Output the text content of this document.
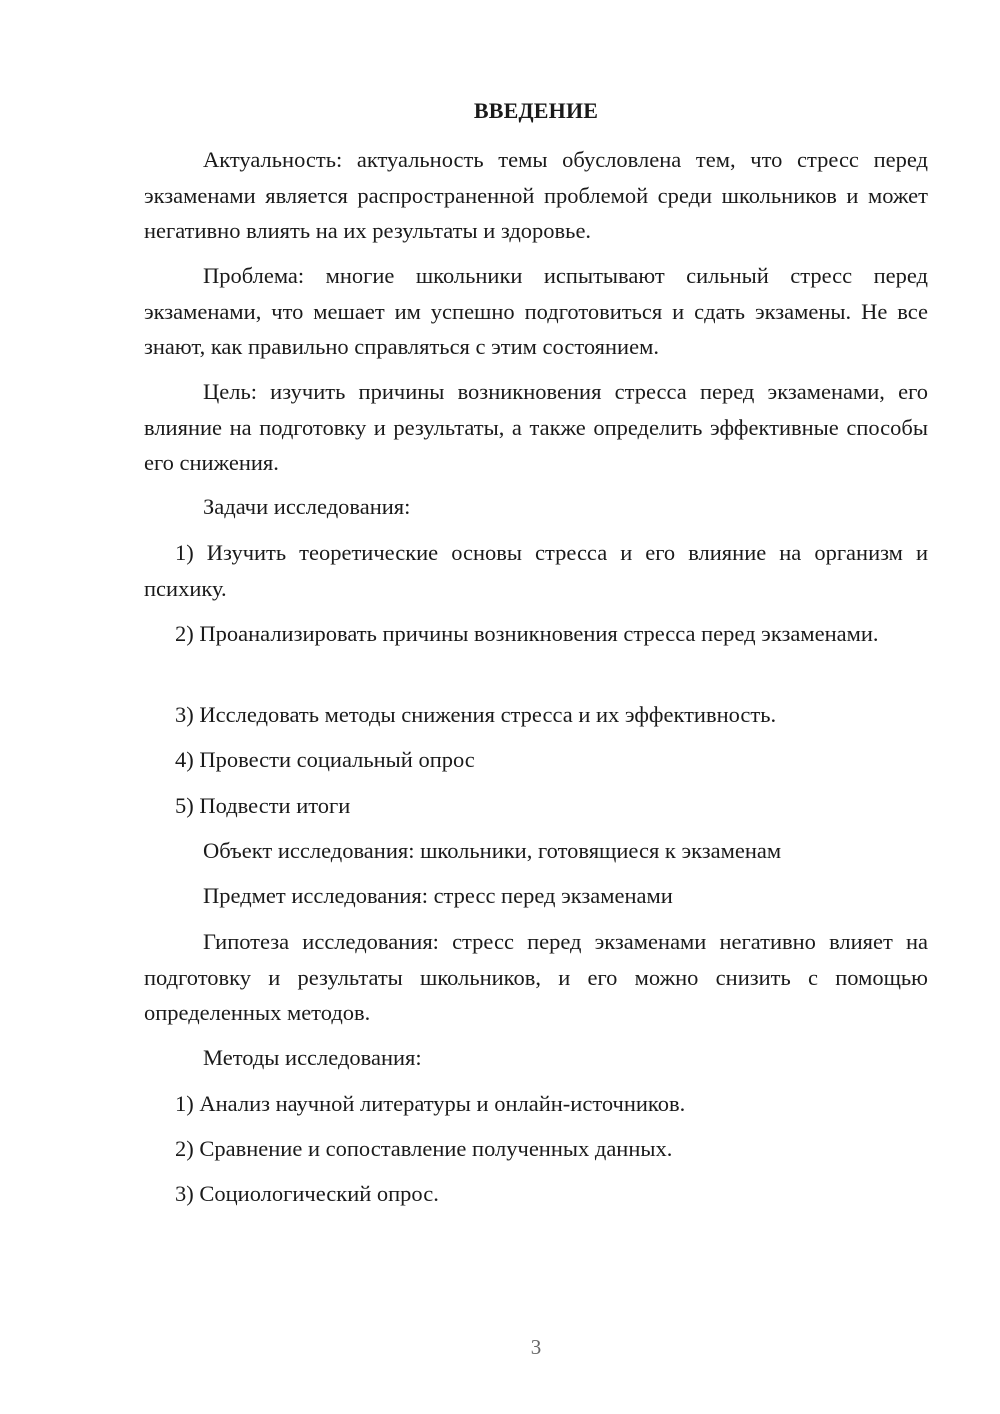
ВВЕДЕНИЕ

Актуальность: актуальность темы обусловлена тем, что стресс перед экзаменами является распространенной проблемой среди школьников и может негативно влиять на их результаты и здоровье.

Проблема: многие школьники испытывают сильный стресс перед экзаменами, что мешает им успешно подготовиться и сдать экзамены. Не все знают, как правильно справляться с этим состоянием.

Цель: изучить причины возникновения стресса перед экзаменами, его влияние на подготовку и результаты, а также определить эффективные способы его снижения.

Задачи исследования:

1) Изучить теоретические основы стресса и его влияние на организм и психику.

2) Проанализировать причины возникновения стресса перед экзаменами.

3) Исследовать методы снижения стресса и их эффективность.

4) Провести социальный опрос

5) Подвести итоги

Объект исследования: школьники, готовящиеся к экзаменам

Предмет исследования: стресс перед экзаменами

Гипотеза исследования: стресс перед экзаменами негативно влияет на подготовку и результаты школьников, и его можно снизить с помощью определенных методов.

Методы исследования:

1) Анализ научной литературы и онлайн-источников.

2) Сравнение и сопоставление полученных данных.

3) Социологический опрос.

3
